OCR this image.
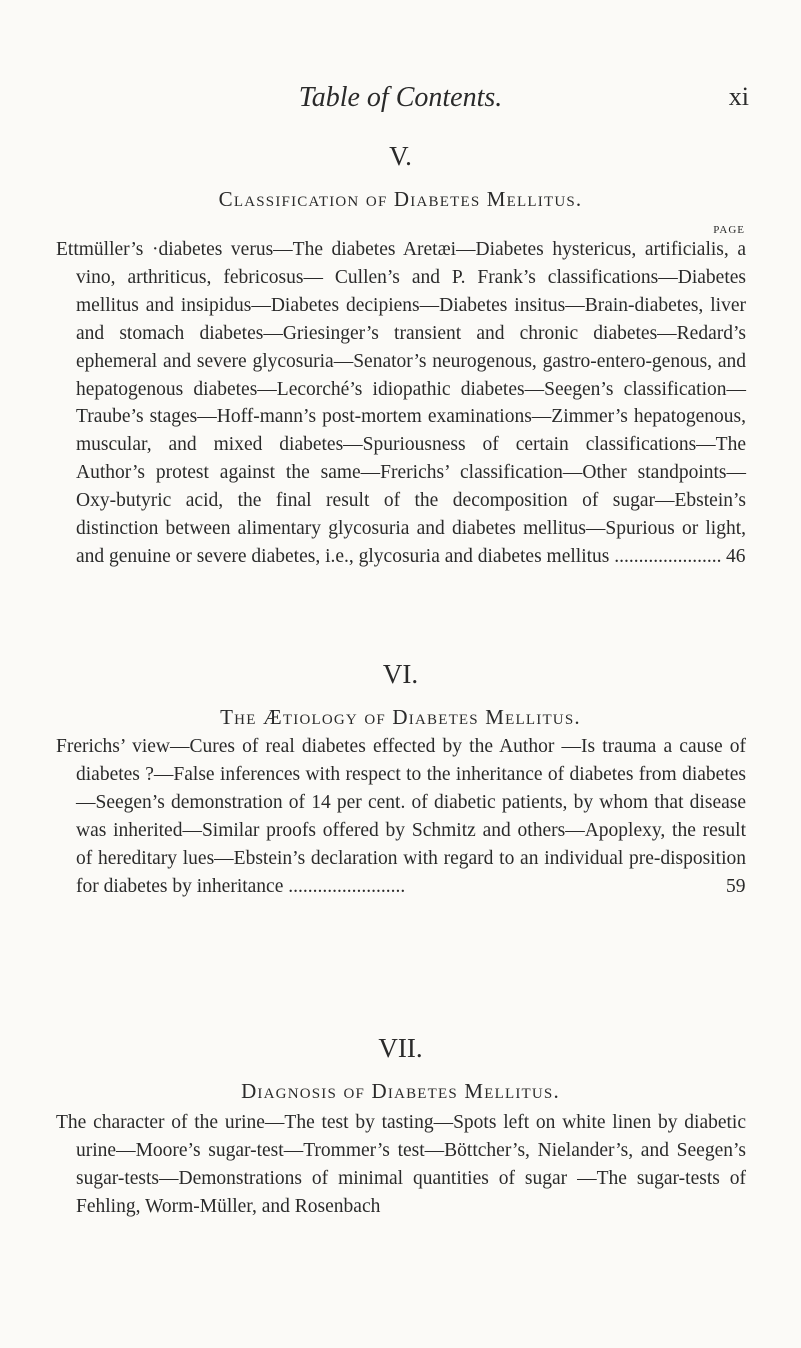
Table of Contents.	xi

V.

Classification of Diabetes Mellitus.

PAGE

Ettmüller’s ·diabetes verus—The diabetes Aretæi—Diabetes hystericus, artificialis, a vino, arthriticus, febricosus— Cullen’s and P. Frank’s classifications—Diabetes mellitus and insipidus—Diabetes decipiens—Diabetes insitus—Brain-diabetes, liver and stomach diabetes—Griesinger’s transient and chronic diabetes—Redard’s ephemeral and severe glycosuria—Senator’s neurogenous, gastro-entero-genous, and hepatogenous diabetes—Lecorché’s idiopathic diabetes—Seegen’s classification—Traube’s stages—Hoff-mann’s post-mortem examinations—Zimmer’s hepatogenous, muscular, and mixed diabetes—Spuriousness of certain classifications—The Author’s protest against the same—Frerichs’ classification—Other standpoints—Oxy-butyric acid, the final result of the decomposition of sugar—Ebstein’s distinction between alimentary glycosuria and diabetes mellitus—Spurious or light, and genuine or severe diabetes, i.e., glycosuria and diabetes mellitus ...................... 46

VI.

The Ætiology of Diabetes Mellitus.

Frerichs’ view—Cures of real diabetes effected by the Author —Is trauma a cause of diabetes ?—False inferences with respect to the inheritance of diabetes from diabetes—Seegen’s demonstration of 14 per cent. of diabetic patients, by whom that disease was inherited—Similar proofs offered by Schmitz and others—Apoplexy, the result of hereditary lues—Ebstein’s declaration with regard to an individual pre-disposition for diabetes by inheritance ........................	59

VII.

Diagnosis of Diabetes Mellitus.

The character of the urine—The test by tasting—Spots left on white linen by diabetic urine—Moore’s sugar-test—Trommer’s test—Böttcher’s, Nielander’s, and Seegen’s sugar-tests—Demonstrations of minimal quantities of sugar —The sugar-tests of Fehling, Worm-Müller, and Rosenbach
